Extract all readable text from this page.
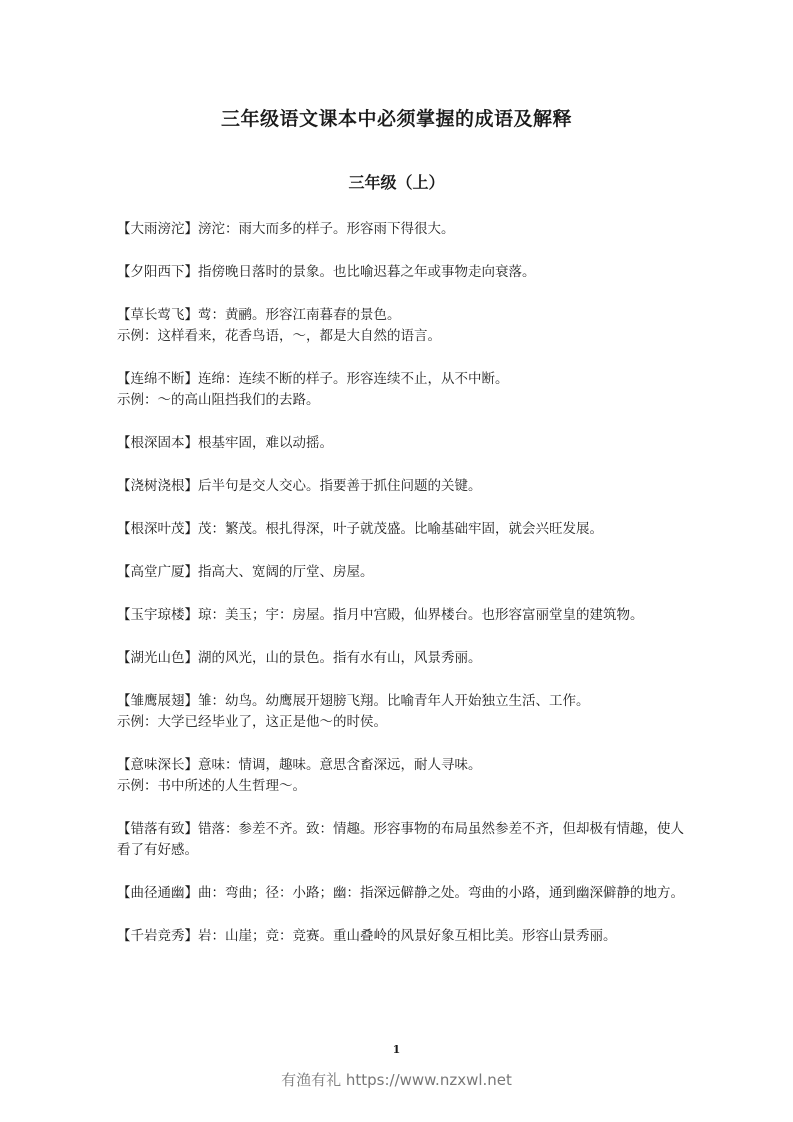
三年级语文课本中必须掌握的成语及解释
三年级（上）

【大雨滂沱】滂沱：雨大而多的样子。形容雨下得很大。

【夕阳西下】指傍晚日落时的景象。也比喻迟暮之年或事物走向衰落。

【草长莺飞】莺：黄鹂。形容江南暮春的景色。

示例：这样看来，花香鸟语，～，都是大自然的语言。

【连绵不断】连绵：连续不断的样子。形容连续不止，从不中断。

示例：～的高山阻挡我们的去路。

【根深固本】根基牢固，难以动摇。

【浇树浇根】后半句是交人交心。指要善于抓住问题的关键。

【根深叶茂】茂：繁茂。根扎得深，叶子就茂盛。比喻基础牢固，就会兴旺发展。

【高堂广厦】指高大、宽阔的厅堂、房屋。

【玉宇琼楼】琼：美玉；宇：房屋。指月中宫殿，仙界楼台。也形容富丽堂皇的建筑物。

【湖光山色】湖的风光，山的景色。指有水有山，风景秀丽。

【雏鹰展翅】雏：幼鸟。幼鹰展开翅膀飞翔。比喻青年人开始独立生活、工作。

示例：大学已经毕业了，这正是他～的时侯。

【意味深长】意味：情调，趣味。意思含畜深远，耐人寻味。

示例：书中所述的人生哲理～。

【错落有致】错落：参差不齐。致：情趣。形容事物的布局虽然参差不齐，但却极有情趣，使人看了有好感。

【曲径通幽】曲：弯曲；径：小路；幽：指深远僻静之处。弯曲的小路，通到幽深僻静的地方。

【千岩竞秀】岩：山崖；竞：竞赛。重山叠岭的风景好象互相比美。形容山景秀丽。

1
有渔有礼 https://www.nzxwl.net
